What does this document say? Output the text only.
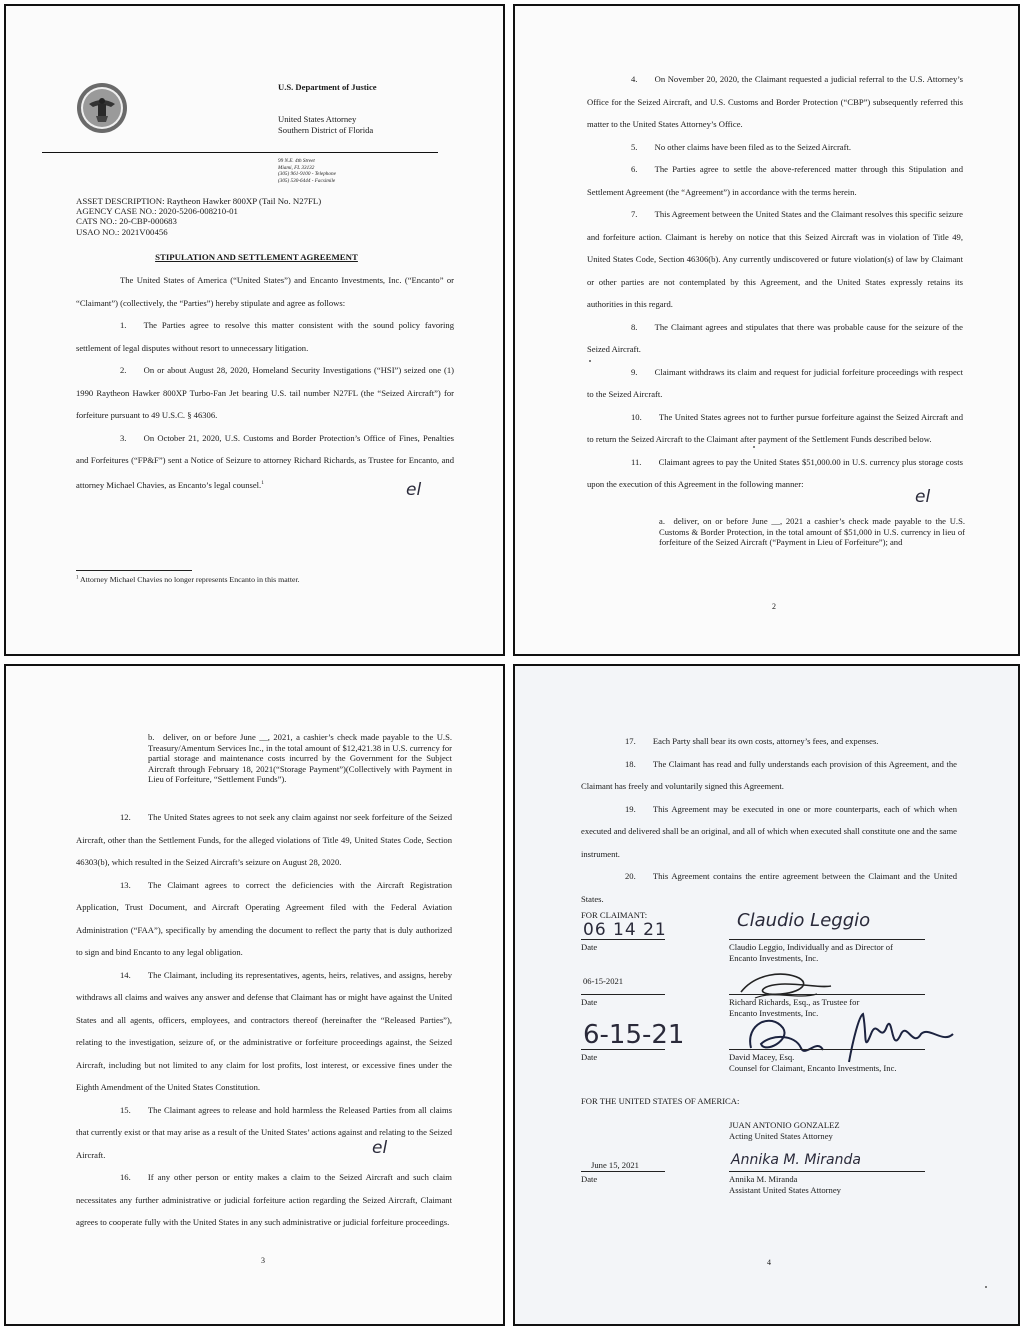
U.S. Department of Justice
United States Attorney
Southern District of Florida
99 N.E. 4th Street
Miami, FL 33132
(305) 961-9100 - Telephone
(305) 530-6444 - Facsimile
ASSET DESCRIPTION: Raytheon Hawker 800XP (Tail No. N27FL)
AGENCY CASE NO.: 2020-5206-008210-01
CATS NO.: 20-CBP-000683
USAO NO.: 2021V00456
STIPULATION AND SETTLEMENT AGREEMENT

The United States of America (“United States”) and Encanto Investments, Inc. (“Encanto” or “Claimant”) (collectively, the “Parties”) hereby stipulate and agree as follows:

1.  The Parties agree to resolve this matter consistent with the sound policy favoring settlement of legal disputes without resort to unnecessary litigation.

2.  On or about August 28, 2020, Homeland Security Investigations (“HSI”) seized one (1) 1990 Raytheon Hawker 800XP Turbo-Fan Jet bearing U.S. tail number N27FL (the “Seized Aircraft”) for forfeiture pursuant to 49 U.S.C. § 46306.

3.  On October 21, 2020, U.S. Customs and Border Protection’s Office of Fines, Penalties and Forfeitures (“FP&F”) sent a Notice of Seizure to attorney Richard Richards, as Trustee for Encanto, and attorney Michael Chavies, as Encanto’s legal counsel.$^1$	el
$^1$ Attorney Michael Chavies no longer represents Encanto in this matter.

4.  On November 20, 2020, the Claimant requested a judicial referral to the U.S. Attorney’s Office for the Seized Aircraft, and U.S. Customs and Border Protection (“CBP”) subsequently referred this matter to the United States Attorney’s Office.

5.  No other claims have been filed as to the Seized Aircraft.

6.  The Parties agree to settle the above-referenced matter through this Stipulation and Settlement Agreement (the “Agreement”) in accordance with the terms herein.

7.  This Agreement between the United States and the Claimant resolves this specific seizure and forfeiture action. Claimant is hereby on notice that this Seized Aircraft was in violation of Title 49, United States Code, Section 46306(b). Any currently undiscovered or future violation(s) of law by Claimant or other parties are not contemplated by this Agreement, and the United States expressly retains its authorities in this regard.

8.  The Claimant agrees and stipulates that there was probable cause for the seizure of the Seized Aircraft.

9.  Claimant withdraws its claim and request for judicial forfeiture proceedings with respect to the Seized Aircraft.

10.  The United States agrees not to further pursue forfeiture against the Seized Aircraft and to return the Seized Aircraft to the Claimant after payment of the Settlement Funds described below.

11.  Claimant agrees to pay the United States $51,000.00 in U.S. currency plus storage costs upon the execution of this Agreement in the following manner:

el

a. deliver, on or before June __, 2021 a cashier’s check made payable to the U.S. Customs & Border Protection, in the total amount of $51,000 in U.S. currency in lieu of forfeiture of the Seized Aircraft (“Payment in Lieu of Forfeiture”); and

2

b. deliver, on or before June __, 2021, a cashier’s check made payable to the U.S. Treasury/Amentum Services Inc., in the total amount of $12,421.38 in U.S. currency for partial storage and maintenance costs incurred by the Government for the Subject Aircraft through February 18, 2021(“Storage Payment”)(Collectively with Payment in Lieu of Forfeiture, “Settlement Funds”).

12.  The United States agrees to not seek any claim against nor seek forfeiture of the Seized Aircraft, other than the Settlement Funds, for the alleged violations of Title 49, United States Code, Section 46303(b), which resulted in the Seized Aircraft’s seizure on August 28, 2020.

13.  The Claimant agrees to correct the deficiencies with the Aircraft Registration Application, Trust Document, and Aircraft Operating Agreement filed with the Federal Aviation Administration (“FAA”), specifically by amending the document to reflect the party that is duly authorized to sign and bind Encanto to any legal obligation.

14.  The Claimant, including its representatives, agents, heirs, relatives, and assigns, hereby withdraws all claims and waives any answer and defense that Claimant has or might have against the United States and all agents, officers, employees, and contractors thereof (hereinafter the “Released Parties”), relating to the investigation, seizure of, or the administrative or forfeiture proceedings against, the Seized Aircraft, including but not limited to any claim for lost profits, lost interest, or excessive fines under the Eighth Amendment of the United States Constitution.

15.  The Claimant agrees to release and hold harmless the Released Parties from all claims that currently exist or that may arise as a result of the United States’ actions against and relating to the Seized Aircraft.

16.  If any other person or entity makes a claim to the Seized Aircraft and such claim necessitates any further administrative or judicial forfeiture action regarding the Seized Aircraft, Claimant agrees to cooperate fully with the United States in any such administrative or judicial forfeiture proceedings.

el
3

17.  Each Party shall bear its own costs, attorney’s fees, and expenses.

18.  The Claimant has read and fully understands each provision of this Agreement, and the Claimant has freely and voluntarily signed this Agreement.

19.  This Agreement may be executed in one or more counterparts, each of which when executed and delivered shall be an original, and all of which when executed shall constitute one and the same instrument.

20.  This Agreement contains the entire agreement between the Claimant and the United States.

FOR CLAIMANT:
06 14 21
Date
Claudio Leggio
Claudio Leggio, Individually and as Director of
Encanto Investments, Inc.
06-15-2021
Date	Richard Richards, Esq., as Trustee for
Encanto Investments, Inc.
6-15-21
Date	David Macey, Esq.
Counsel for Claimant, Encanto Investments, Inc.
FOR THE UNITED STATES OF AMERICA:
JUAN ANTONIO GONZALEZ
Acting United States Attorney
June 15, 2021
Date
Annika M. Miranda
Annika M. Miranda
Assistant United States Attorney
4
